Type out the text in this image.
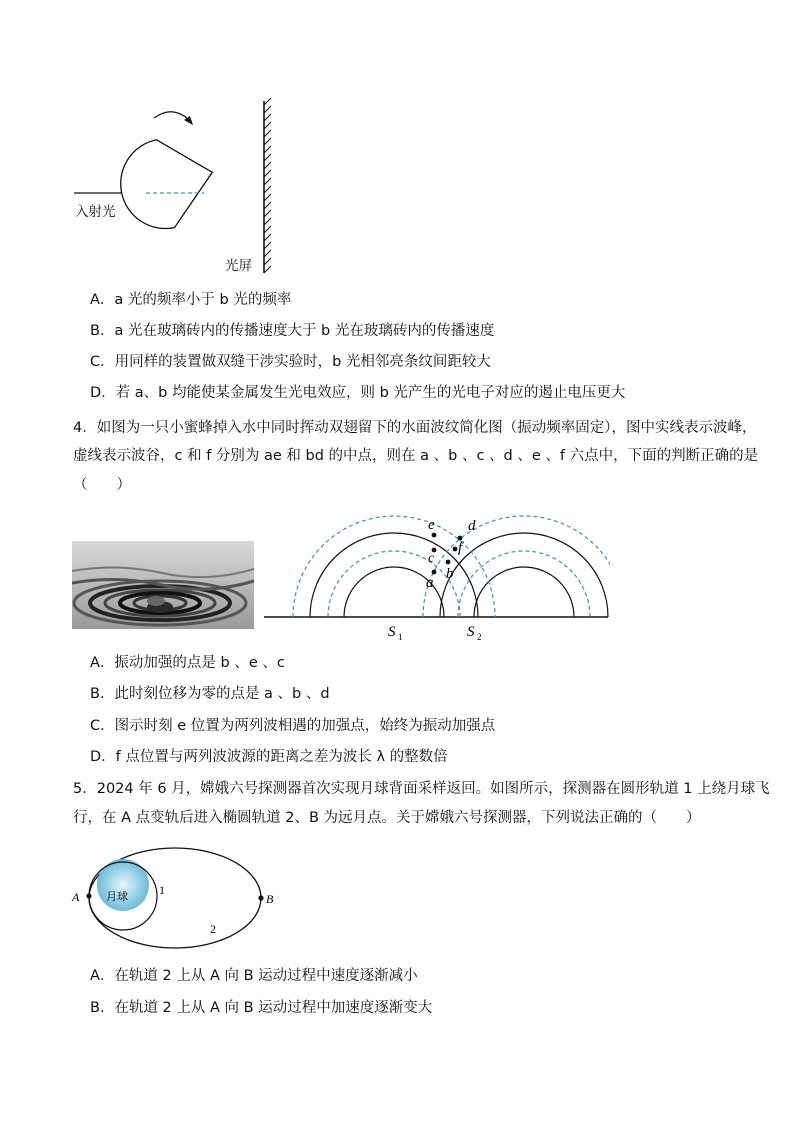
入射光
光屏
A．a 光的频率小于 b 光的频率
B．a 光在玻璃砖内的传播速度大于 b 光在玻璃砖内的传播速度
C．用同样的装置做双缝干涉实验时，b 光相邻亮条纹间距较大
D．若 a、b 均能使某金属发生光电效应，则 b 光产生的光电子对应的遏止电压更大
4．如图为一只小蜜蜂掉入水中同时挥动双翅留下的水面波纹简化图（振动频率固定），图中实线表示波峰，
虚线表示波谷，c 和 f 分别为 ae 和 bd 的中点，则在 a 、b 、c 、d 、e 、f 六点中，下面的判断正确的是
（　　）
a
b
c
d
e
f
S 1	S 2
A．振动加强的点是 b 、e 、c
B．此时刻位移为零的点是 a 、b 、d
C．图示时刻 e 位置为两列波相遇的加强点，始终为振动加强点
D．f 点位置与两列波波源的距离之差为波长 λ 的整数倍
5．2024 年 6 月，嫦娥六号探测器首次实现月球背面采样返回。如图所示，探测器在圆形轨道 1 上绕月球飞
行，在 A 点变轨后进入椭圆轨道 2、B 为远月点。关于嫦娥六号探测器，下列说法正确的（　　）
A	B
月球	1
2
A．在轨道 2 上从 A 向 B 运动过程中速度逐渐减小
B．在轨道 2 上从 A 向 B 运动过程中加速度逐渐变大
